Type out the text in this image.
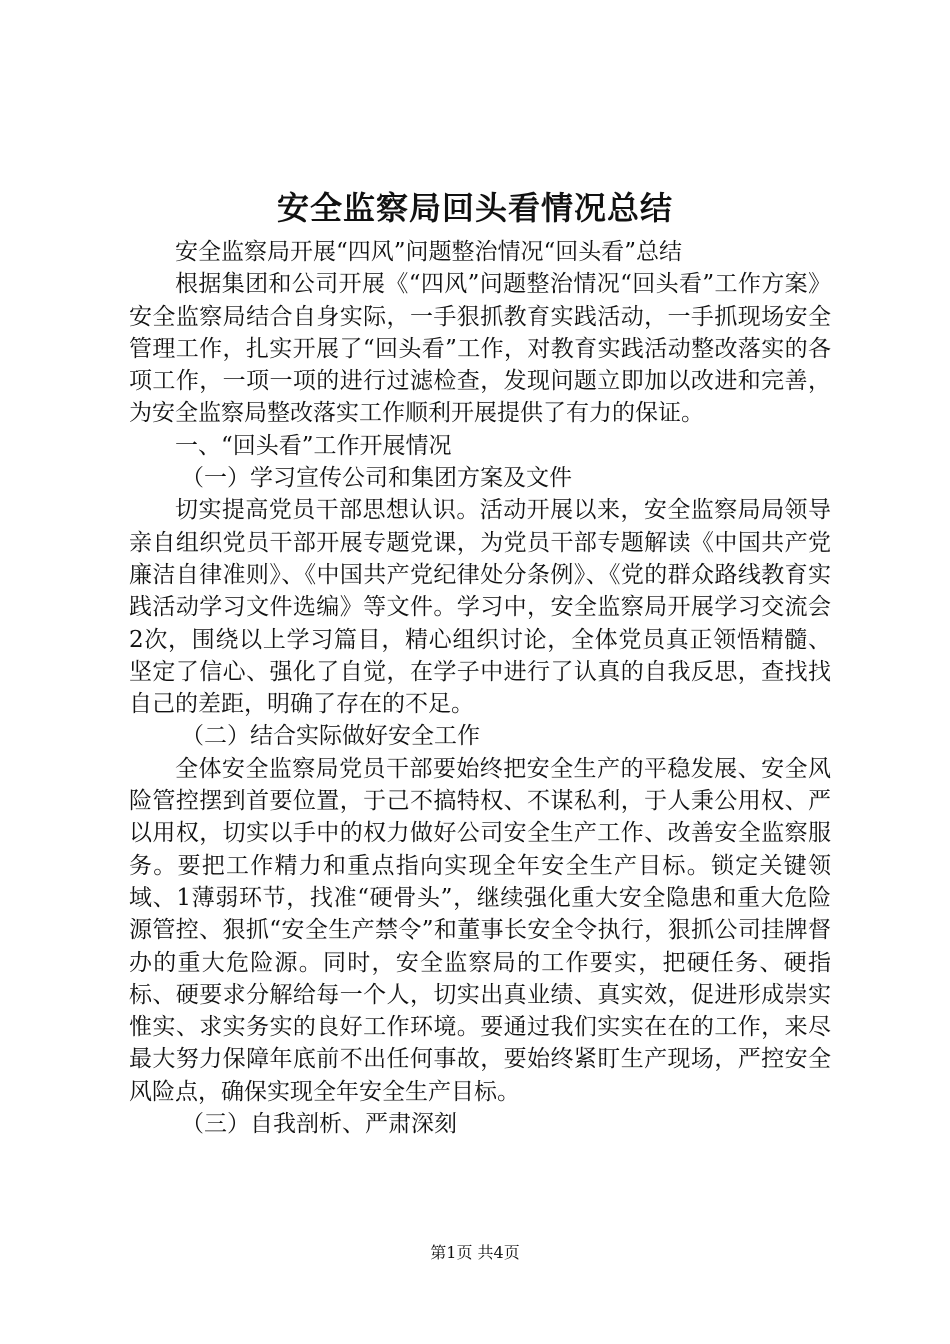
安全监察局回头看情况总结

安全监察局开展“四风”问题整治情况“回头看”总结

根据集团和公司开展《“四风”问题整治情况“回头看”工作方案》安全监察局结合自身实际，一手狠抓教育实践活动，一手抓现场安全管理工作，扎实开展了“回头看”工作，对教育实践活动整改落实的各项工作，一项一项的进行过滤检查，发现问题立即加以改进和完善，为安全监察局整改落实工作顺利开展提供了有力的保证。

一、“回头看”工作开展情况

（一）学习宣传公司和集团方案及文件

切实提高党员干部思想认识。活动开展以来，安全监察局局领导亲自组织党员干部开展专题党课，为党员干部专题解读《中国共产党廉洁自律准则》、《中国共产党纪律处分条例》、《党的群众路线教育实践活动学习文件选编》等文件。学习中，安全监察局开展学习交流会2次，围绕以上学习篇目，精心组织讨论，全体党员真正领悟精髓、坚定了信心、强化了自觉，在学子中进行了认真的自我反思，查找找自己的差距，明确了存在的不足。

（二）结合实际做好安全工作

全体安全监察局党员干部要始终把安全生产的平稳发展、安全风险管控摆到首要位置，于己不搞特权、不谋私利，于人秉公用权、严以用权，切实以手中的权力做好公司安全生产工作、改善安全监察服务。要把工作精力和重点指向实现全年安全生产目标。锁定关键领域、1薄弱环节，找准“硬骨头”，继续强化重大安全隐患和重大危险源管控、狠抓“安全生产禁令”和董事长安全令执行，狠抓公司挂牌督办的重大危险源。同时，安全监察局的工作要实，把硬任务、硬指标、硬要求分解给每一个人，切实出真业绩、真实效，促进形成崇实惟实、求实务实的良好工作环境。要通过我们实实在在的工作，来尽最大努力保障年底前不出任何事故，要始终紧盯生产现场，严控安全风险点，确保实现全年安全生产目标。

（三）自我剖析、严肃深刻

第1页 共4页
